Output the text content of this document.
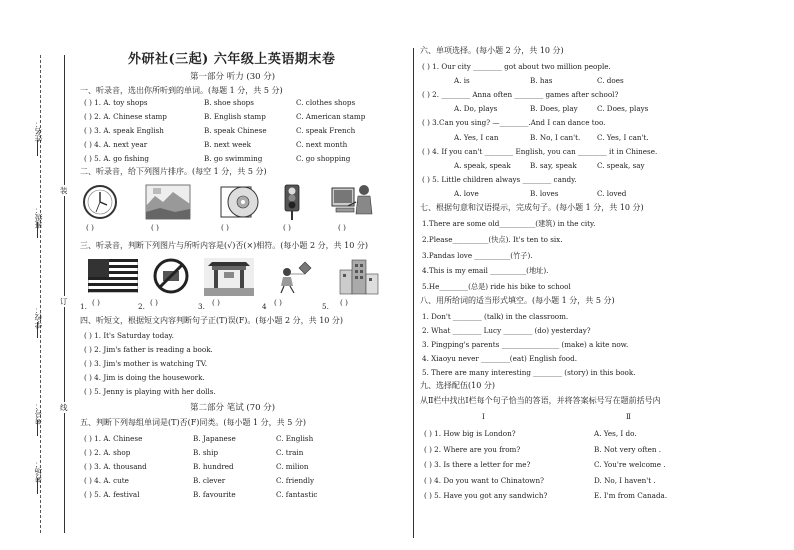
姓名：
班级：
学校：
考号：
考场：
装
订
线
外研社(三起) 六年级上英语期末卷
第一部分 听力 (30 分)
一、听录音，选出你所听到的单词。(每题 1 分，共 5 分)
( ) 1. A. toy shops	B. shoe shops	C. clothes shops
( ) 2. A. Chinese stamp	B. English stamp	C. American stamp
( ) 3. A. speak English	B. speak Chinese	C. speak French
( ) 4. A. next year	B. next week	C. next month
( ) 5. A. go fishing	B. go swimming	C. go shopping
二、听录音，给下列图片排序。(每空 1 分，共 5 分)
( )	( )	( )	( )	( )
三、听录音，判断下列图片与所听内容是(√)否(×)相符。(每小题 2 分，共 10 分)
1. ( )	2. ( )	3. ( )	4 ( )	5. ( )
四、听短文，根据短文内容判断句子正(T)误(F)。(每小题 2 分，共 10 分)
( ) 1. It's Saturday today.
( ) 2. Jim's father is reading a book.
( ) 3. Jim's mother is watching TV.
( ) 4. Jim is doing the housework.
( ) 5. Jenny is playing with her dolls.
第二部分 笔试 (70 分)
五、判断下列每组单词是(T)否(F)同类。(每小题 1 分，共 5 分)
( ) 1. A. Chinese	B. Japanese	C. English
( ) 2. A. shop	B. ship	C. train
( ) 3. A. thousand	B. hundred	C. milion
( ) 4. A. cute	B. clever	C. friendly
( ) 5. A. festival	B. favourite	C. fantastic
六、单项选择。(每小题 2 分，共 10 分)
( ) 1. Our city ________ got about two million people.
A. is	B. has	C. does
( ) 2. ________ Anna often ________ games after school?
A. Do, plays	B. Does, play	C. Does, plays
( ) 3.Can you sing? —________.And I can dance too.
A. Yes, I can	B. No, I can't. C. Yes, I can't.
( ) 4. If you can't ________ English, you can ________ it in Chinese.
A. speak, speak	B. say, speak	C. speak, say
( ) 5. Little children always ________ candy.
A. love	B. loves	C. loved
七、根据句意和汉语提示，完成句子。(每小题 1 分，共 10 分)
1.There are some old__________(建筑) in the city.
2.Please__________(快点). It's ten to six.
3.Pandas love __________(竹子).
4.This is my email __________(地址).
5.He________(总是) ride his bike to school
八、用所给词的适当形式填空。(每小题 1 分，共 5 分)
1. Don't ________ (talk) in the classroom.
2. What ________ Lucy ________ (do) yesterday?
3. Pingping's parents ________________ (make) a kite now.
4. Xiaoyu never ________(eat) English food.
5. There are many interesting ________ (story) in this book.
九、选择配伍(10 分)
从Ⅱ栏中找出Ⅰ栏每个句子恰当的答语，并将答案标号写在题前括号内
Ⅰ	Ⅱ
( ) 1. How big is London?	A. Yes, I do.
( ) 2. Where are you from?	B. Not very often .
( ) 3. Is there a letter for me?	C. You're welcome .
( ) 4. Do you want to Chinatown?	D. No, I haven't .
( ) 5. Have you got any sandwich?	E. I'm from Canada.
